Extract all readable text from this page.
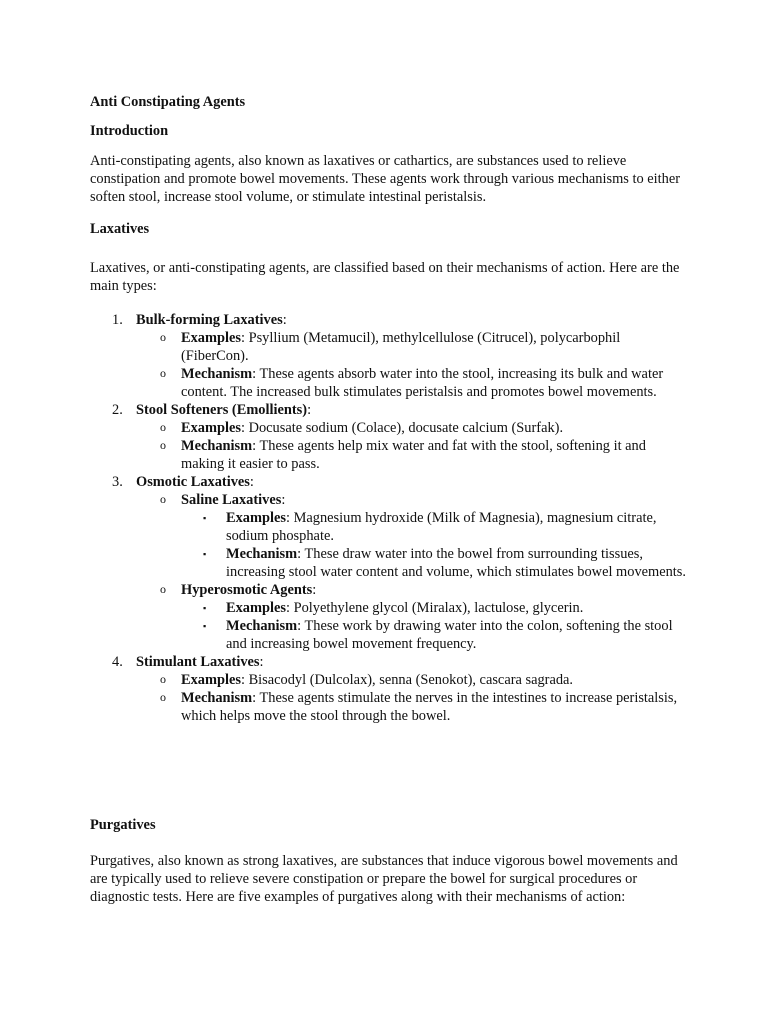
Anti Constipating Agents

Introduction

Anti-constipating agents, also known as laxatives or cathartics, are substances used to relieve constipation and promote bowel movements. These agents work through various mechanisms to either soften stool, increase stool volume, or stimulate intestinal peristalsis.

Laxatives

Laxatives, or anti-constipating agents, are classified based on their mechanisms of action. Here are the main types:

1. Bulk-forming Laxatives:
o Examples: Psyllium (Metamucil), methylcellulose (Citrucel), polycarbophil (FiberCon).
o Mechanism: These agents absorb water into the stool, increasing its bulk and water content. The increased bulk stimulates peristalsis and promotes bowel movements.
2. Stool Softeners (Emollients):
o Examples: Docusate sodium (Colace), docusate calcium (Surfak).
o Mechanism: These agents help mix water and fat with the stool, softening it and making it easier to pass.
3. Osmotic Laxatives:
o Saline Laxatives:
▪ Examples: Magnesium hydroxide (Milk of Magnesia), magnesium citrate, sodium phosphate.
▪ Mechanism: These draw water into the bowel from surrounding tissues, increasing stool water content and volume, which stimulates bowel movements.
o Hyperosmotic Agents:
▪ Examples: Polyethylene glycol (Miralax), lactulose, glycerin.
▪ Mechanism: These work by drawing water into the colon, softening the stool and increasing bowel movement frequency.
4. Stimulant Laxatives:
o Examples: Bisacodyl (Dulcolax), senna (Senokot), cascara sagrada.
o Mechanism: These agents stimulate the nerves in the intestines to increase peristalsis, which helps move the stool through the bowel.

Purgatives

Purgatives, also known as strong laxatives, are substances that induce vigorous bowel movements and are typically used to relieve severe constipation or prepare the bowel for surgical procedures or diagnostic tests. Here are five examples of purgatives along with their mechanisms of action:
